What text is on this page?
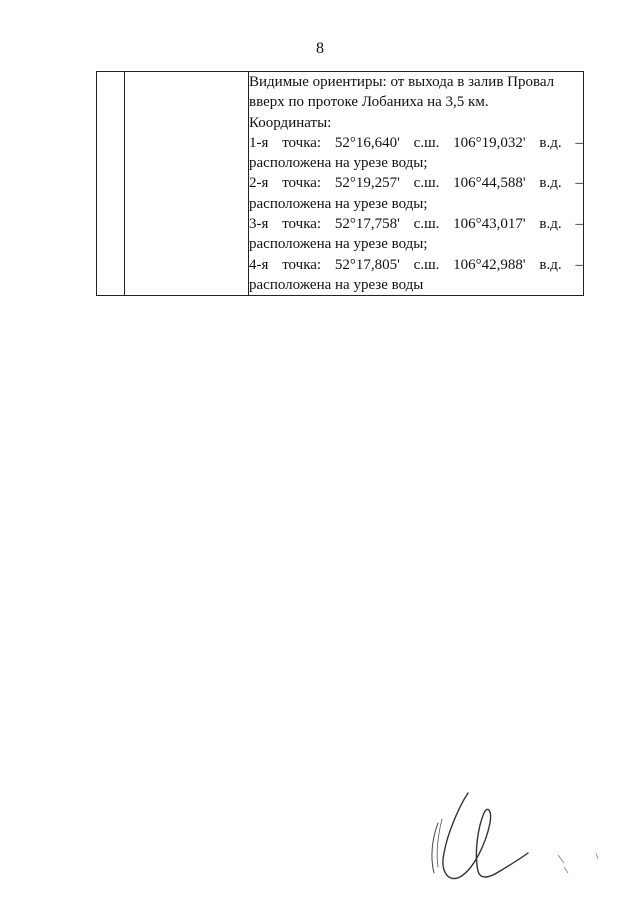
8

Видимые ориентиры: от выхода в залив Провал
вверх по протоке Лобаниха на 3,5 км.
Координаты:
1-я точка: 52°16,640' с.ш. 106°19,032' в.д. –
расположена на урезе воды;
2-я точка: 52°19,257' с.ш. 106°44,588' в.д. –
расположена на урезе воды;
3-я точка: 52°17,758' с.ш. 106°43,017' в.д. –
расположена на урезе воды;
4-я точка: 52°17,805' с.ш. 106°42,988' в.д. –
расположена на урезе воды
